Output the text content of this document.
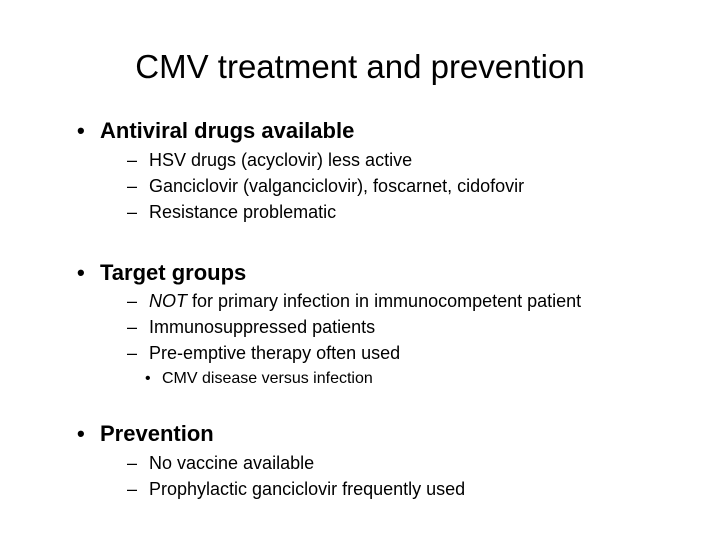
CMV treatment and prevention
• Antiviral drugs available
– HSV drugs (acyclovir) less active
– Ganciclovir (valganciclovir), foscarnet, cidofovir
– Resistance problematic
• Target groups
– NOT for primary infection in immunocompetent patient
– Immunosuppressed patients
– Pre-emptive therapy often used
• CMV disease versus infection
• Prevention
– No vaccine available
– Prophylactic ganciclovir frequently used
